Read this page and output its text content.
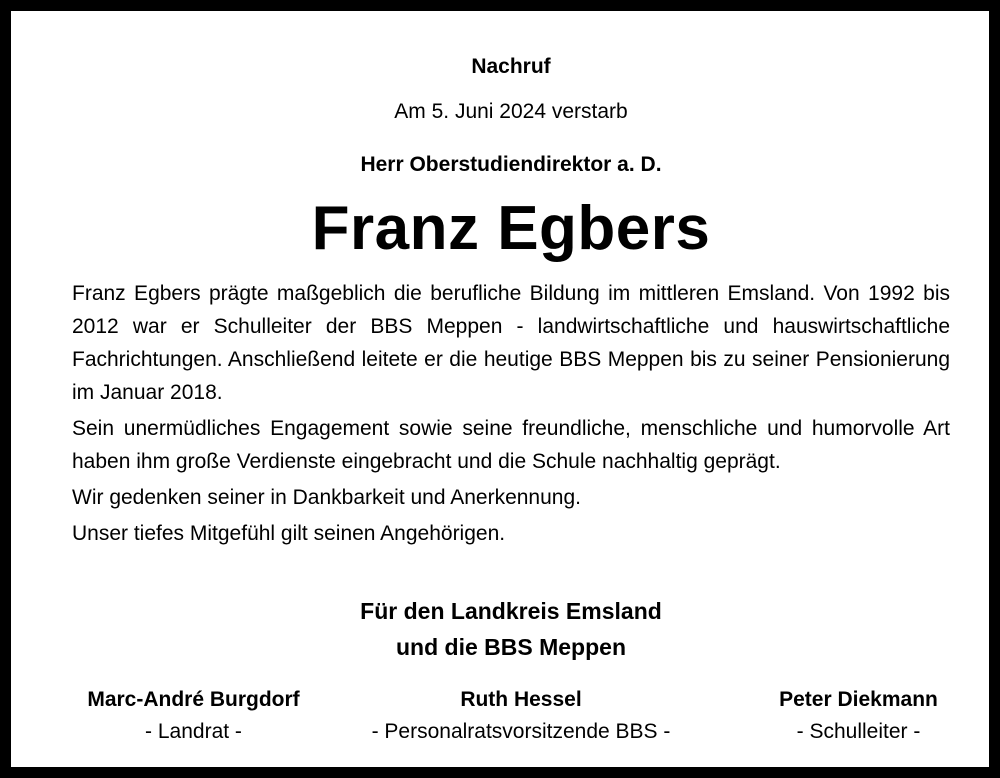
Nachruf
Am 5. Juni 2024 verstarb
Herr Oberstudiendirektor a. D.
Franz Egbers

Franz Egbers prägte maßgeblich die berufliche Bildung im mittleren Emsland. Von 1992 bis 2012 war er Schulleiter der BBS Meppen - landwirtschaftliche und hauswirtschaftliche Fachrichtungen. Anschließend leitete er die heutige BBS Meppen bis zu seiner Pensionierung im Januar 2018.

Sein unermüdliches Engagement sowie seine freundliche, menschliche und humorvolle Art haben ihm große Verdienste eingebracht und die Schule nachhaltig geprägt.

Wir gedenken seiner in Dankbarkeit und Anerkennung.

Unser tiefes Mitgefühl gilt seinen Angehörigen.

Für den Landkreis Emsland
und die BBS Meppen
Marc-André Burgdorf
- Landrat -
Ruth Hessel
- Personalratsvorsitzende BBS -
Peter Diekmann
- Schulleiter -
